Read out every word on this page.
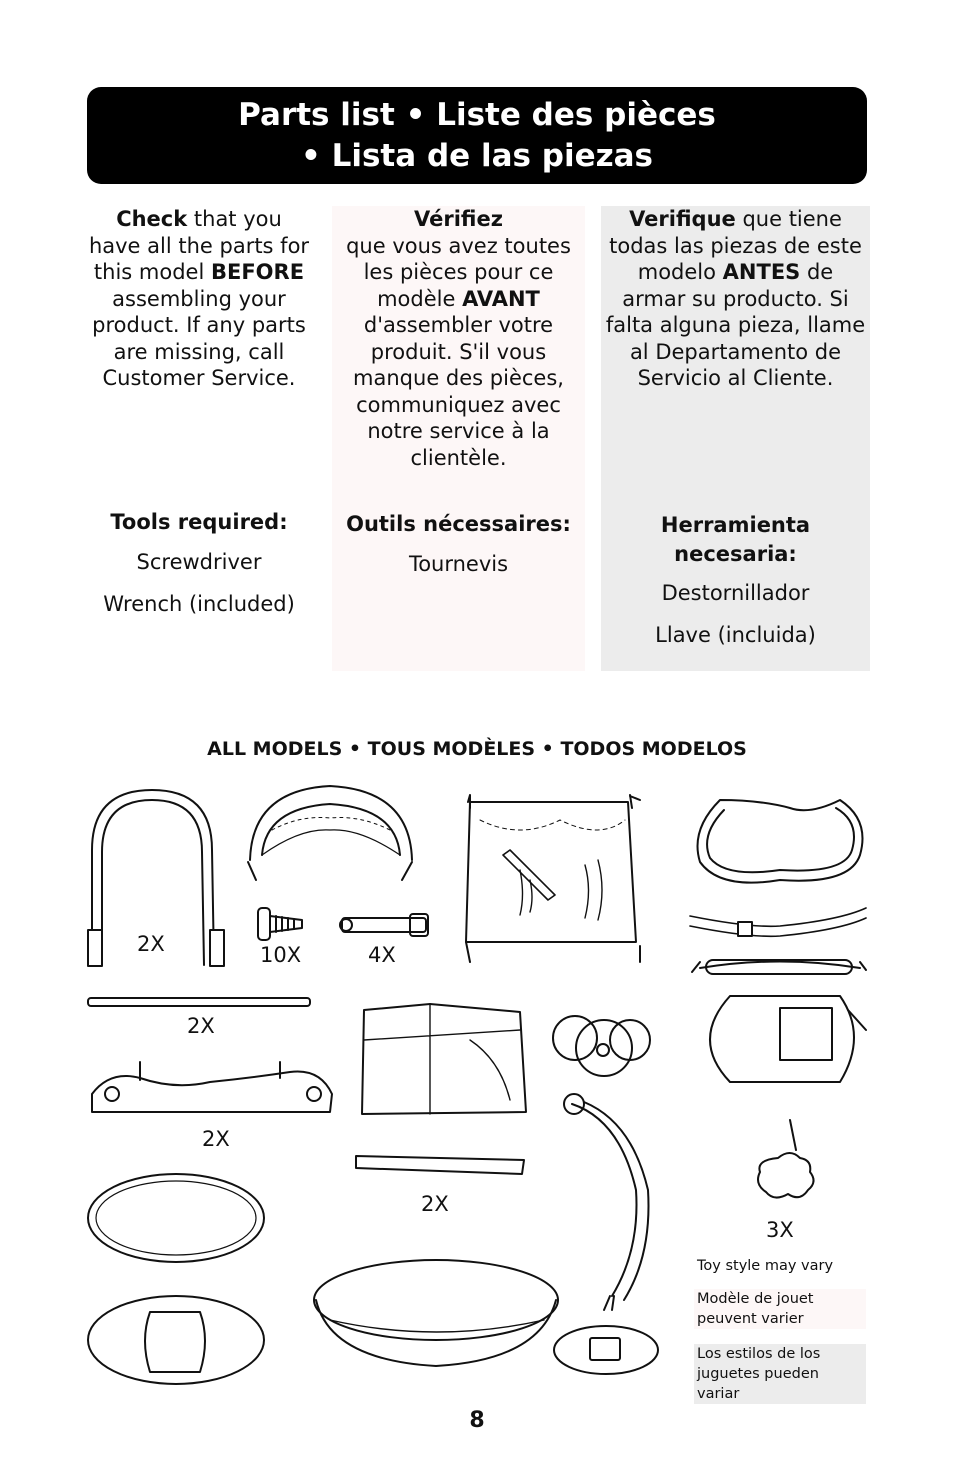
Parts list • Liste des pièces
• Lista de las piezas
Check that you have all the parts for this model BEFORE assembling your product. If any parts are missing, call Customer Service.
Tools required:
Screwdriver
Wrench (included)
Vérifiez
que vous avez toutes les pièces pour ce modèle AVANT d'assembler votre produit. S'il vous manque des pièces, communiquez avec notre service à la clientèle.
Outils nécessaires:
Tournevis
Verifique que tiene todas las piezas de este modelo ANTES de armar su producto. Si falta alguna pieza, llame al Departamento de Servicio al Cliente.
Herramienta necesaria:
Destornillador
Llave (incluida)
ALL MODELS • TOUS MODÈLES • TODOS MODELOS
2X	10X	4X
2X
2X
2X
3X
Toy style may vary
Modèle de jouet peuvent varier
Los estilos de los juguetes pueden variar
8
